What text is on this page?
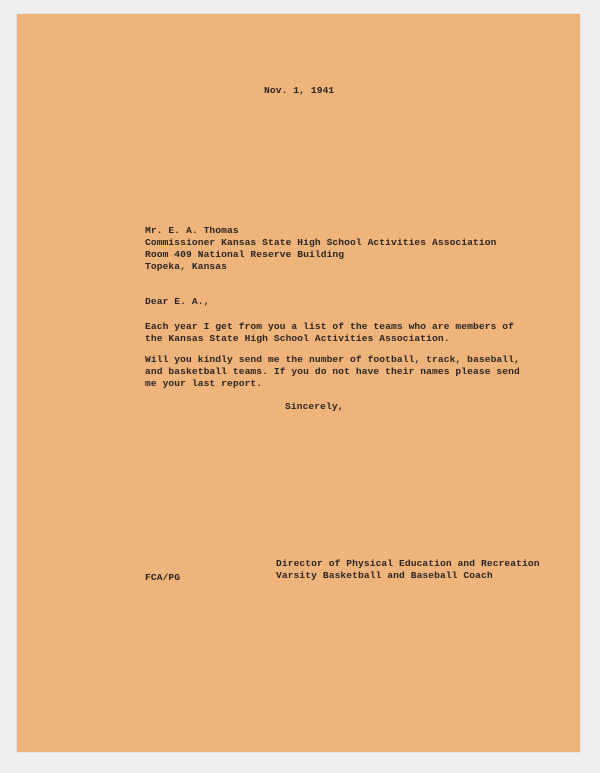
Nov. 1, 1941
Mr. E. A. Thomas
Commissioner Kansas State High School Activities Association
Room 409 National Reserve Building
Topeka, Kansas
Dear E. A.,
Each year I get from you a list of the teams who are members of
the Kansas State High School Activities Association.
Will you kindly send me the number of football, track, baseball,
and basketball teams. If you do not have their names please send
me your last report.
Sincerely,
FCA/PG
Director of Physical Education and Recreation
Varsity Basketball and Baseball Coach
